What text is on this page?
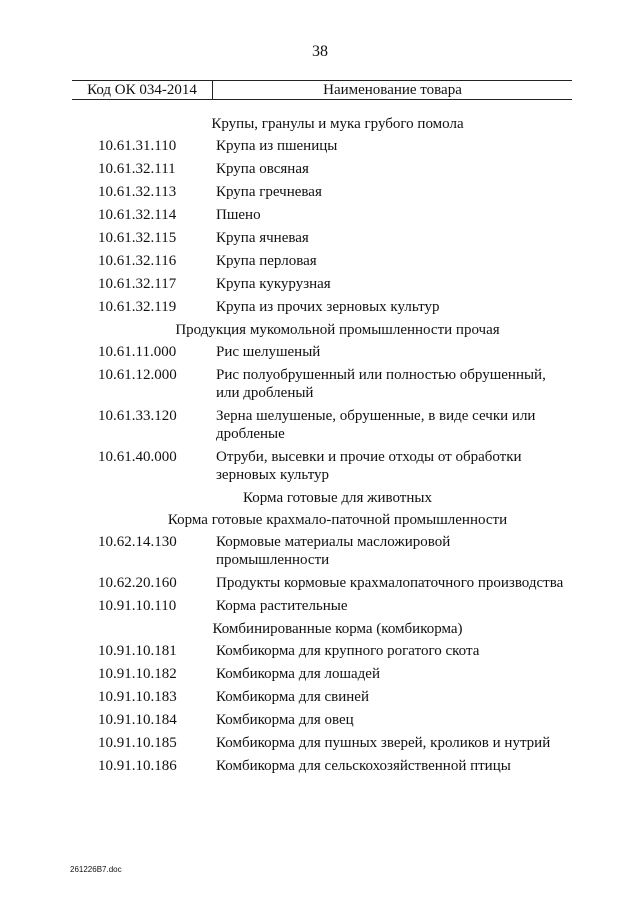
38
Код ОК 034-2014	Наименование товара
Крупы, гранулы и мука грубого помола
10.61.31.110	Крупа из пшеницы
10.61.32.111	Крупа овсяная
10.61.32.113	Крупа гречневая
10.61.32.114	Пшено
10.61.32.115	Крупа ячневая
10.61.32.116	Крупа перловая
10.61.32.117	Крупа кукурузная
10.61.32.119	Крупа из прочих зерновых культур
Продукция мукомольной промышленности прочая
10.61.11.000	Рис шелушеный
10.61.12.000	Рис полуобрушенный или полностью обрушенный, или дробленый
10.61.33.120	Зерна шелушеные, обрушенные, в виде сечки или дробленые
10.61.40.000	Отруби, высевки и прочие отходы от обработки зерновых культур
Корма готовые для животных
Корма готовые крахмало-паточной промышленности
10.62.14.130	Кормовые материалы масложировой промышленности
10.62.20.160	Продукты кормовые крахмалопаточного производства
10.91.10.110	Корма растительные
Комбинированные корма (комбикорма)
10.91.10.181	Комбикорма для крупного рогатого скота
10.91.10.182	Комбикорма для лошадей
10.91.10.183	Комбикорма для свиней
10.91.10.184	Комбикорма для овец
10.91.10.185	Комбикорма для пушных зверей, кроликов и нутрий
10.91.10.186	Комбикорма для сельскохозяйственной птицы
261226B7.doc
